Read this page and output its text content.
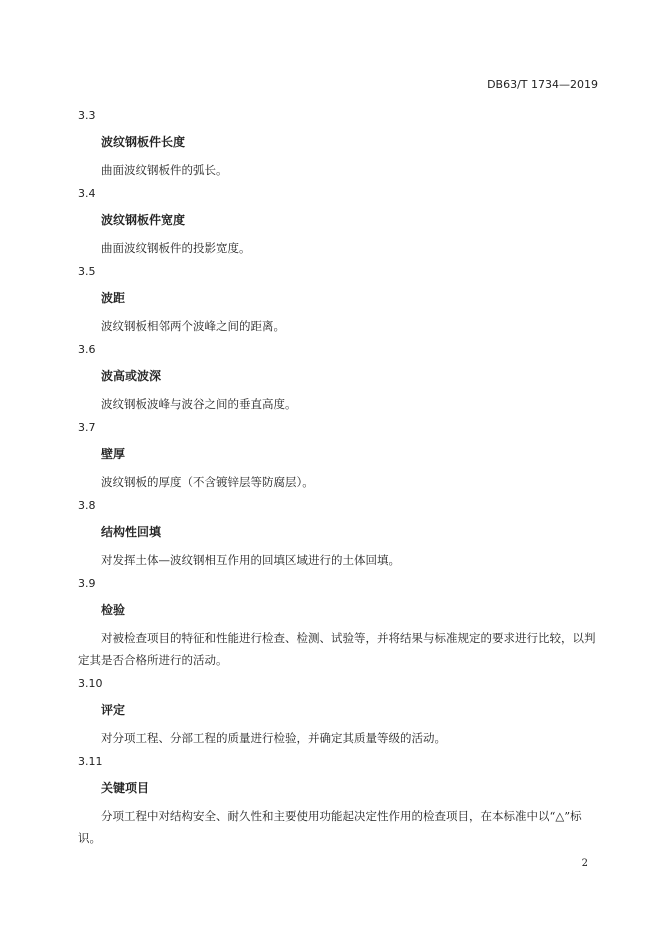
DB63/T 1734—2019
3.3
波纹钢板件长度
曲面波纹钢板件的弧长。
3.4
波纹钢板件宽度
曲面波纹钢板件的投影宽度。
3.5
波距
波纹钢板相邻两个波峰之间的距离。
3.6
波高或波深
波纹钢板波峰与波谷之间的垂直高度。
3.7
壁厚
波纹钢板的厚度（不含镀锌层等防腐层）。
3.8
结构性回填
对发挥土体—波纹钢相互作用的回填区域进行的土体回填。
3.9
检验
对被检查项目的特征和性能进行检查、检测、试验等，并将结果与标准规定的要求进行比较，以判定其是否合格所进行的活动。
3.10
评定
对分项工程、分部工程的质量进行检验，并确定其质量等级的活动。
3.11
关键项目
分项工程中对结构安全、耐久性和主要使用功能起决定性作用的检查项目，在本标准中以“△”标识。
2
